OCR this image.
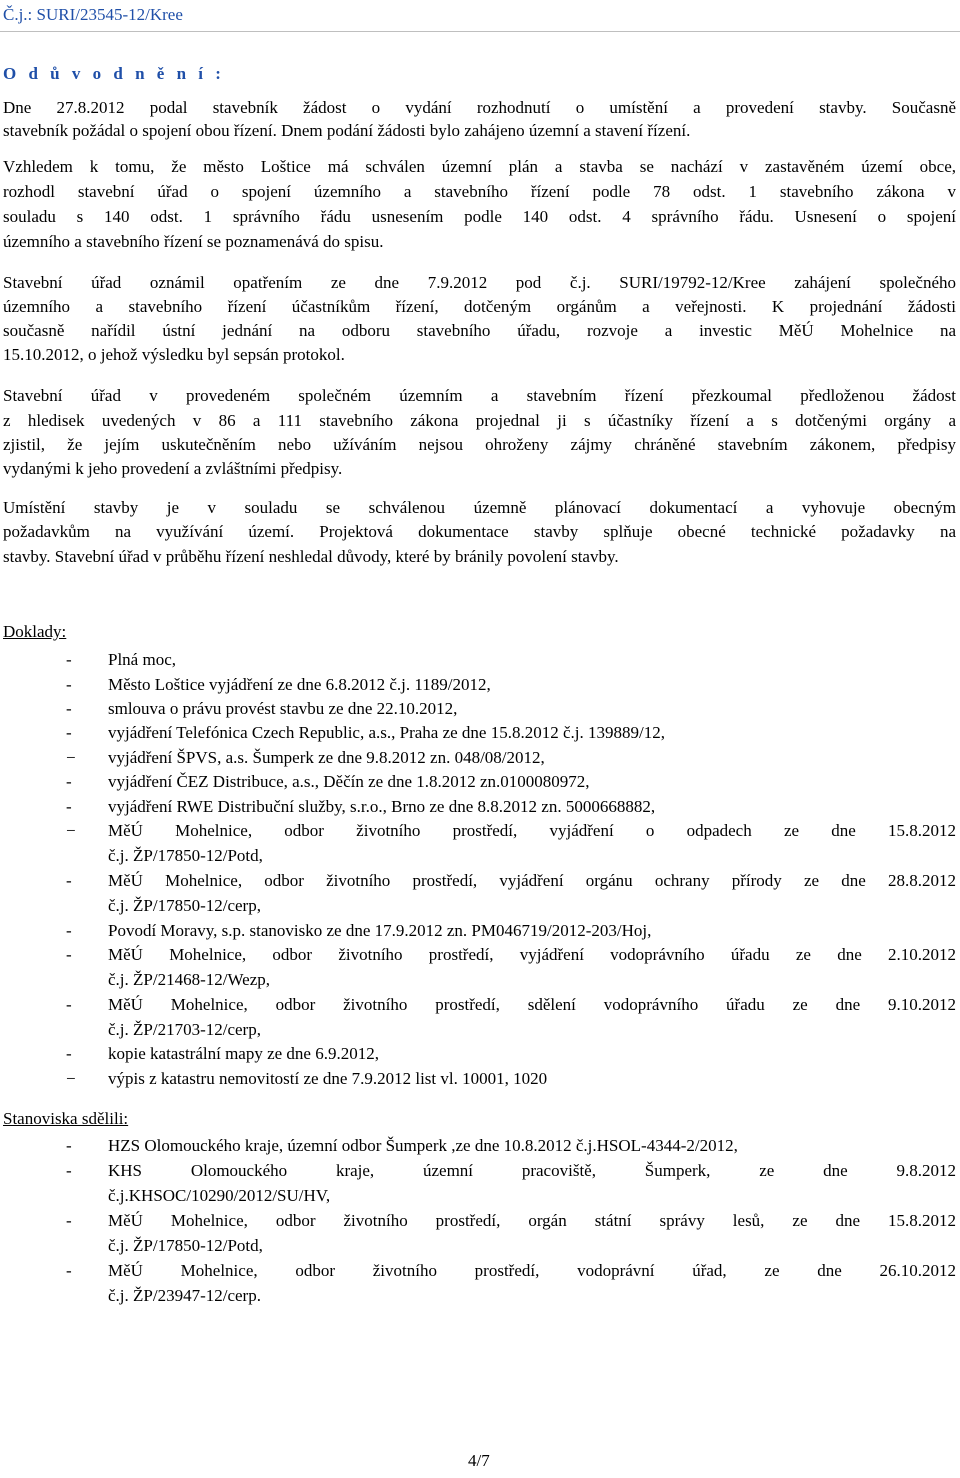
Č.j.: SURI/23545-12/Kree
O d ů v o d n ě n í :
Dne 27.8.2012 podal stavebník žádost o vydání rozhodnutí o umístění a provedení stavby. Současně
stavebník požádal o spojení obou řízení. Dnem podání žádosti bylo zahájeno územní a stavení řízení.
Vzhledem k tomu, že město Loštice má schválen územní plán a stavba se nachází v zastavěném území obce,
rozhodl stavební úřad o spojení územního a stavebního řízení podle 78 odst. 1 stavebního zákona v
souladu s 140 odst. 1 správního řádu usnesením podle 140 odst. 4 správního řádu. Usnesení o spojení
územního a stavebního řízení se poznamenává do spisu.
Stavební úřad oznámil opatřením ze dne 7.9.2012 pod č.j. SURI/19792-12/Kree zahájení společného
územního a stavebního řízení účastníkům řízení, dotčeným orgánům a veřejnosti. K projednání žádosti
současně nařídil ústní jednání na odboru stavebního úřadu, rozvoje a investic MěÚ Mohelnice na
15.10.2012, o jehož výsledku byl sepsán protokol.
Stavební úřad v provedeném společném územním a stavebním řízení přezkoumal předloženou žádost
z hledisek uvedených v 86 a 111 stavebního zákona projednal ji s účastníky řízení a s dotčenými orgány a
zjistil, že jejím uskutečněním nebo užíváním nejsou ohroženy zájmy chráněné stavebním zákonem, předpisy
vydanými k jeho provedení a zvláštními předpisy.
Umístění stavby je v souladu se schválenou územně plánovací dokumentací a vyhovuje obecným
požadavkům na využívání území. Projektová dokumentace stavby splňuje obecné technické požadavky na
stavby. Stavební úřad v průběhu řízení neshledal důvody, které by bránily povolení stavby.
Doklady:
- Plná moc,
- Město Loštice vyjádření ze dne 6.8.2012 č.j. 1189/2012,
- smlouva o právu provést stavbu ze dne 22.10.2012,
- vyjádření Telefónica Czech Republic, a.s., Praha ze dne 15.8.2012 č.j. 139889/12,
− vyjádření ŠPVS, a.s. Šumperk ze dne 9.8.2012 zn. 048/08/2012,
- vyjádření ČEZ Distribuce, a.s., Děčín ze dne 1.8.2012 zn.0100080972,
- vyjádření RWE Distribuční služby, s.r.o., Brno ze dne 8.8.2012 zn. 5000668882,
− MěÚ Mohelnice, odbor životního prostředí, vyjádření o odpadech ze dne 15.8.2012
č.j. ŽP/17850-12/Potd,
- MěÚ Mohelnice, odbor životního prostředí, vyjádření orgánu ochrany přírody ze dne 28.8.2012
č.j. ŽP/17850-12/cerp,
- Povodí Moravy, s.p. stanovisko ze dne 17.9.2012 zn. PM046719/2012-203/Hoj,
- MěÚ Mohelnice, odbor životního prostředí, vyjádření vodoprávního úřadu ze dne 2.10.2012
č.j. ŽP/21468-12/Wezp,
- MěÚ Mohelnice, odbor životního prostředí, sdělení vodoprávního úřadu ze dne 9.10.2012
č.j. ŽP/21703-12/cerp,
- kopie katastrální mapy ze dne 6.9.2012,
− výpis z katastru nemovitostí ze dne 7.9.2012 list vl. 10001, 1020
Stanoviska sdělili:
- HZS Olomouckého kraje, územní odbor Šumperk ,ze dne 10.8.2012 č.j.HSOL-4344-2/2012,
- KHS Olomouckého kraje, územní pracoviště, Šumperk, ze dne 9.8.2012
č.j.KHSOC/10290/2012/SU/HV,
- MěÚ Mohelnice, odbor životního prostředí, orgán státní správy lesů, ze dne 15.8.2012
č.j. ŽP/17850-12/Potd,
- MěÚ Mohelnice, odbor životního prostředí, vodoprávní úřad, ze dne 26.10.2012
č.j. ŽP/23947-12/cerp.
4/7
